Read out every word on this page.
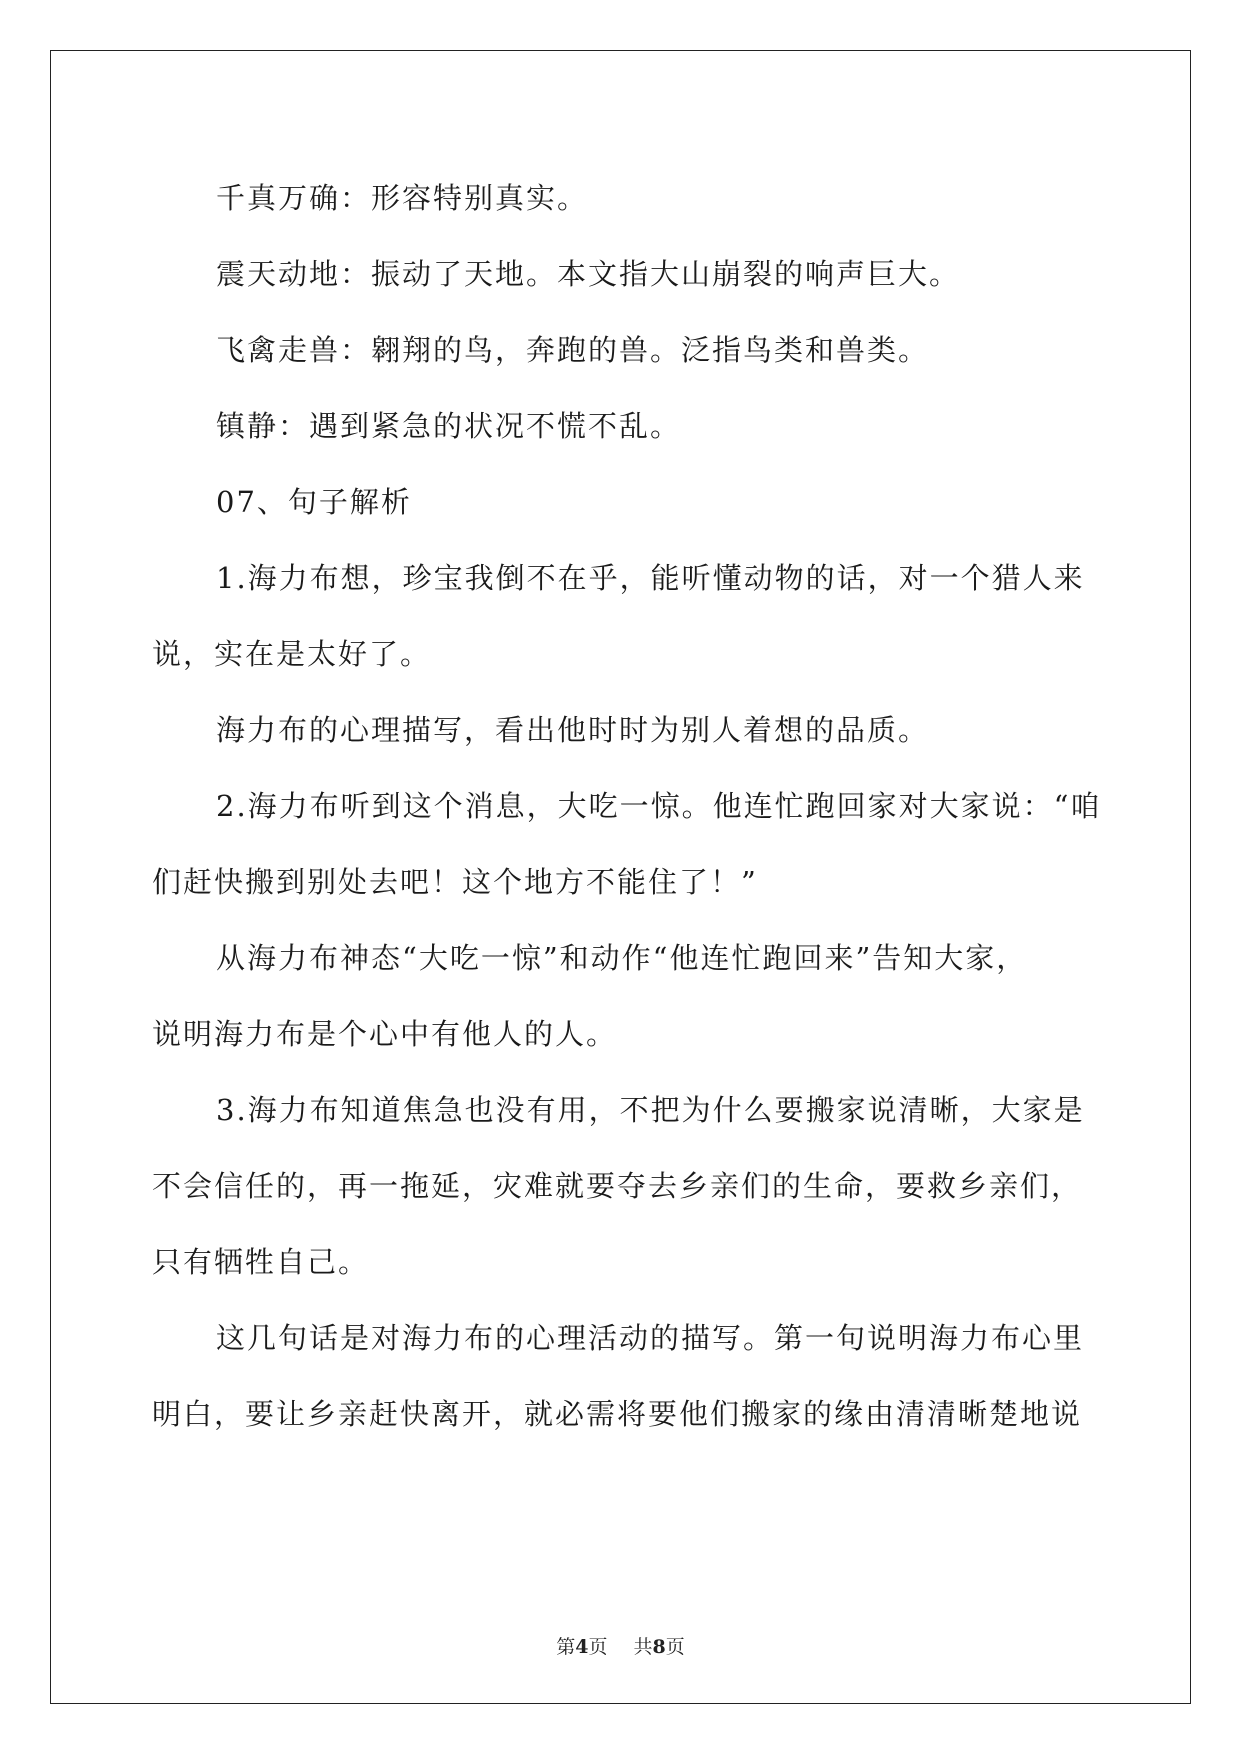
千真万确：形容特别真实。
震天动地：振动了天地。本文指大山崩裂的响声巨大。
飞禽走兽：翱翔的鸟，奔跑的兽。泛指鸟类和兽类。
镇静：遇到紧急的状况不慌不乱。
07、句子解析
1.海力布想，珍宝我倒不在乎，能听懂动物的话，对一个猎人来
说，实在是太好了。
海力布的心理描写，看出他时时为别人着想的品质。
2.海力布听到这个消息，大吃一惊。他连忙跑回家对大家说：“咱
们赶快搬到别处去吧！这个地方不能住了！”
从海力布神态“大吃一惊”和动作“他连忙跑回来”告知大家，
说明海力布是个心中有他人的人。
3.海力布知道焦急也没有用，不把为什么要搬家说清晰，大家是
不会信任的，再一拖延，灾难就要夺去乡亲们的生命，要救乡亲们，
只有牺牲自己。
这几句话是对海力布的心理活动的描写。第一句说明海力布心里
明白，要让乡亲赶快离开，就必需将要他们搬家的缘由清清晰楚地说
第4页 共8页
